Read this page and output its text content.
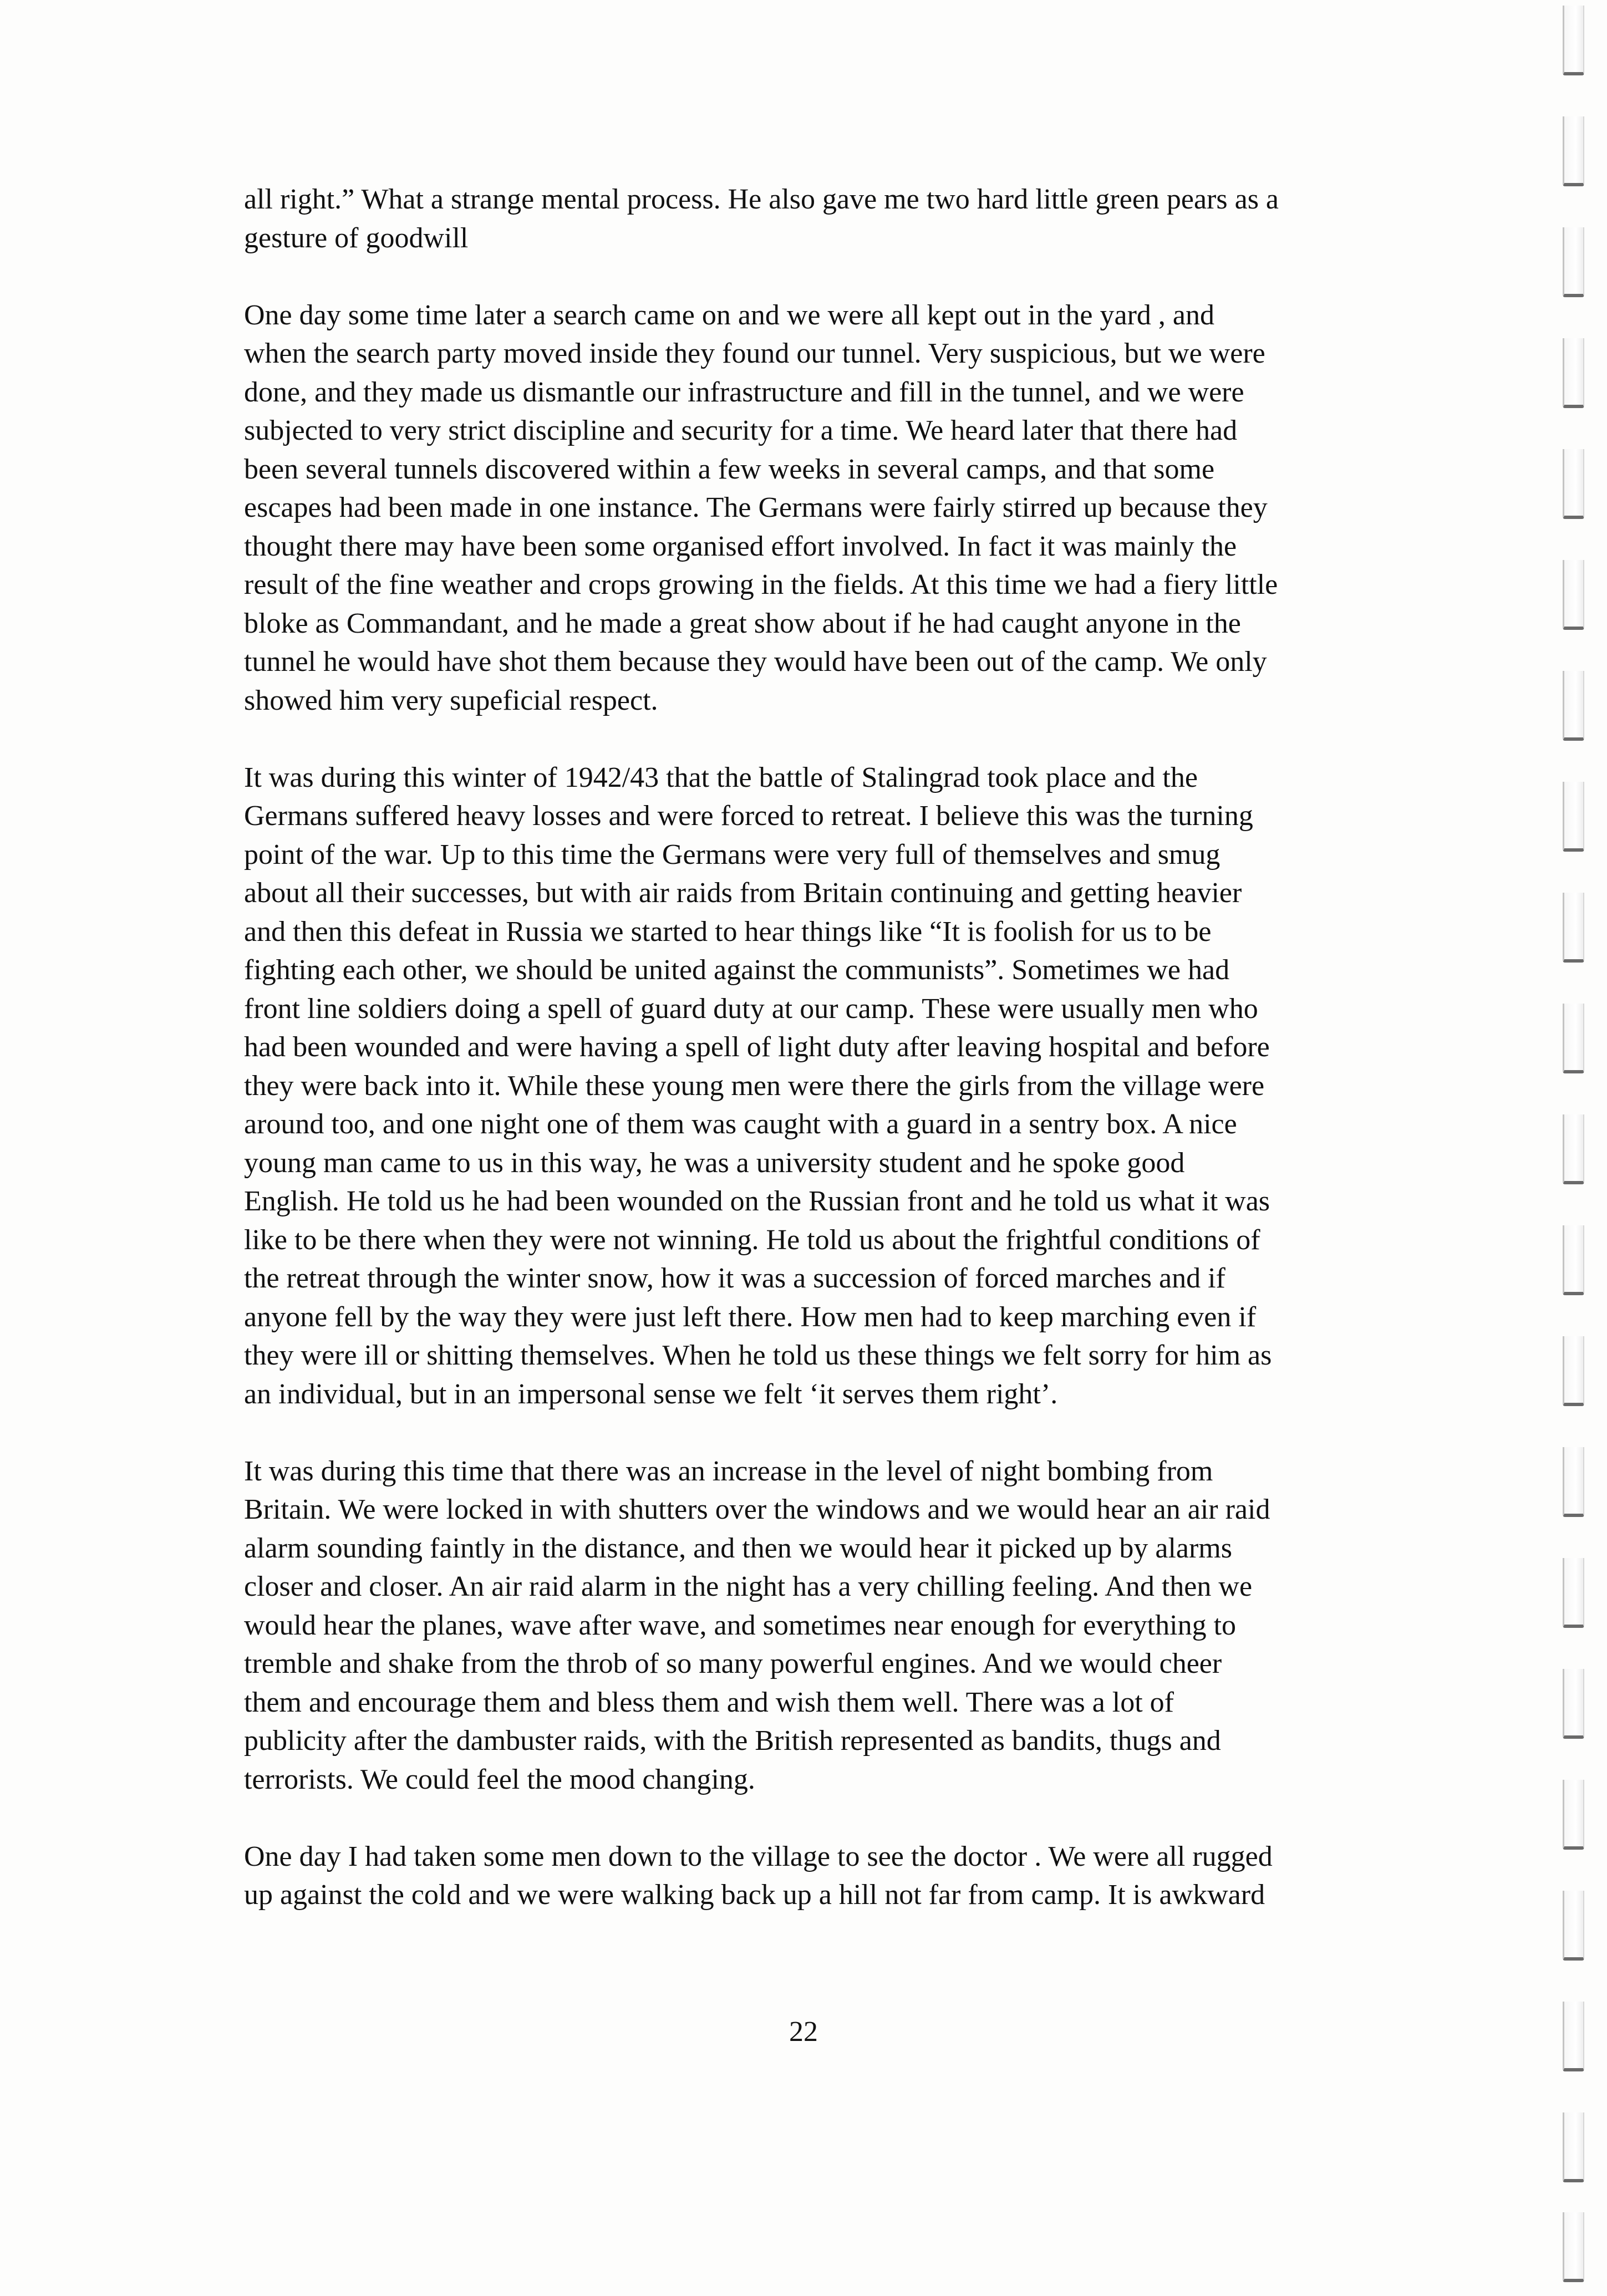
all right.” What a strange mental process. He also gave me two hard little green pears as a
gesture of goodwill

One day some time later a search came on and we were all kept out in the yard , and
when the search party moved inside they found our tunnel. Very suspicious, but we were
done, and they made us dismantle our infrastructure and fill in the tunnel, and we were
subjected to very strict discipline and security for a time. We heard later that there had
been several tunnels discovered within a few weeks in several camps, and that some
escapes had been made in one instance. The Germans were fairly stirred up because they
thought there may have been some organised effort involved. In fact it was mainly the
result of the fine weather and crops growing in the fields. At this time we had a fiery little
bloke as Commandant, and he made a great show about if he had caught anyone in the
tunnel he would have shot them because they would have been out of the camp. We only
showed him very supeficial respect.

It was during this winter of 1942/43 that the battle of Stalingrad took place and the
Germans suffered heavy losses and were forced to retreat. I believe this was the turning
point of the war. Up to this time the Germans were very full of themselves and smug
about all their successes, but with air raids from Britain continuing and getting heavier
and then this defeat in Russia we started to hear things like “It is foolish for us to be
fighting each other, we should be united against the communists”. Sometimes we had
front line soldiers doing a spell of guard duty at our camp. These were usually men who
had been wounded and were having a spell of light duty after leaving hospital and before
they were back into it. While these young men were there the girls from the village were
around too, and one night one of them was caught with a guard in a sentry box. A nice
young man came to us in this way, he was a university student and he spoke good
English. He told us he had been wounded on the Russian front and he told us what it was
like to be there when they were not winning. He told us about the frightful conditions of
the retreat through the winter snow, how it was a succession of forced marches and if
anyone fell by the way they were just left there. How men had to keep marching even if
they were ill or shitting themselves. When he told us these things we felt sorry for him as
an individual, but in an impersonal sense we felt ‘it serves them right’.

It was during this time that there was an increase in the level of night bombing from
Britain. We were locked in with shutters over the windows and we would hear an air raid
alarm sounding faintly in the distance, and then we would hear it picked up by alarms
closer and closer. An air raid alarm in the night has a very chilling feeling. And then we
would hear the planes, wave after wave, and sometimes near enough for everything to
tremble and shake from the throb of so many powerful engines. And we would cheer
them and encourage them and bless them and wish them well. There was a lot of
publicity after the dambuster raids, with the British represented as bandits, thugs and
terrorists. We could feel the mood changing.

One day I had taken some men down to the village to see the doctor . We were all rugged
up against the cold and we were walking back up a hill not far from camp. It is awkward

22
